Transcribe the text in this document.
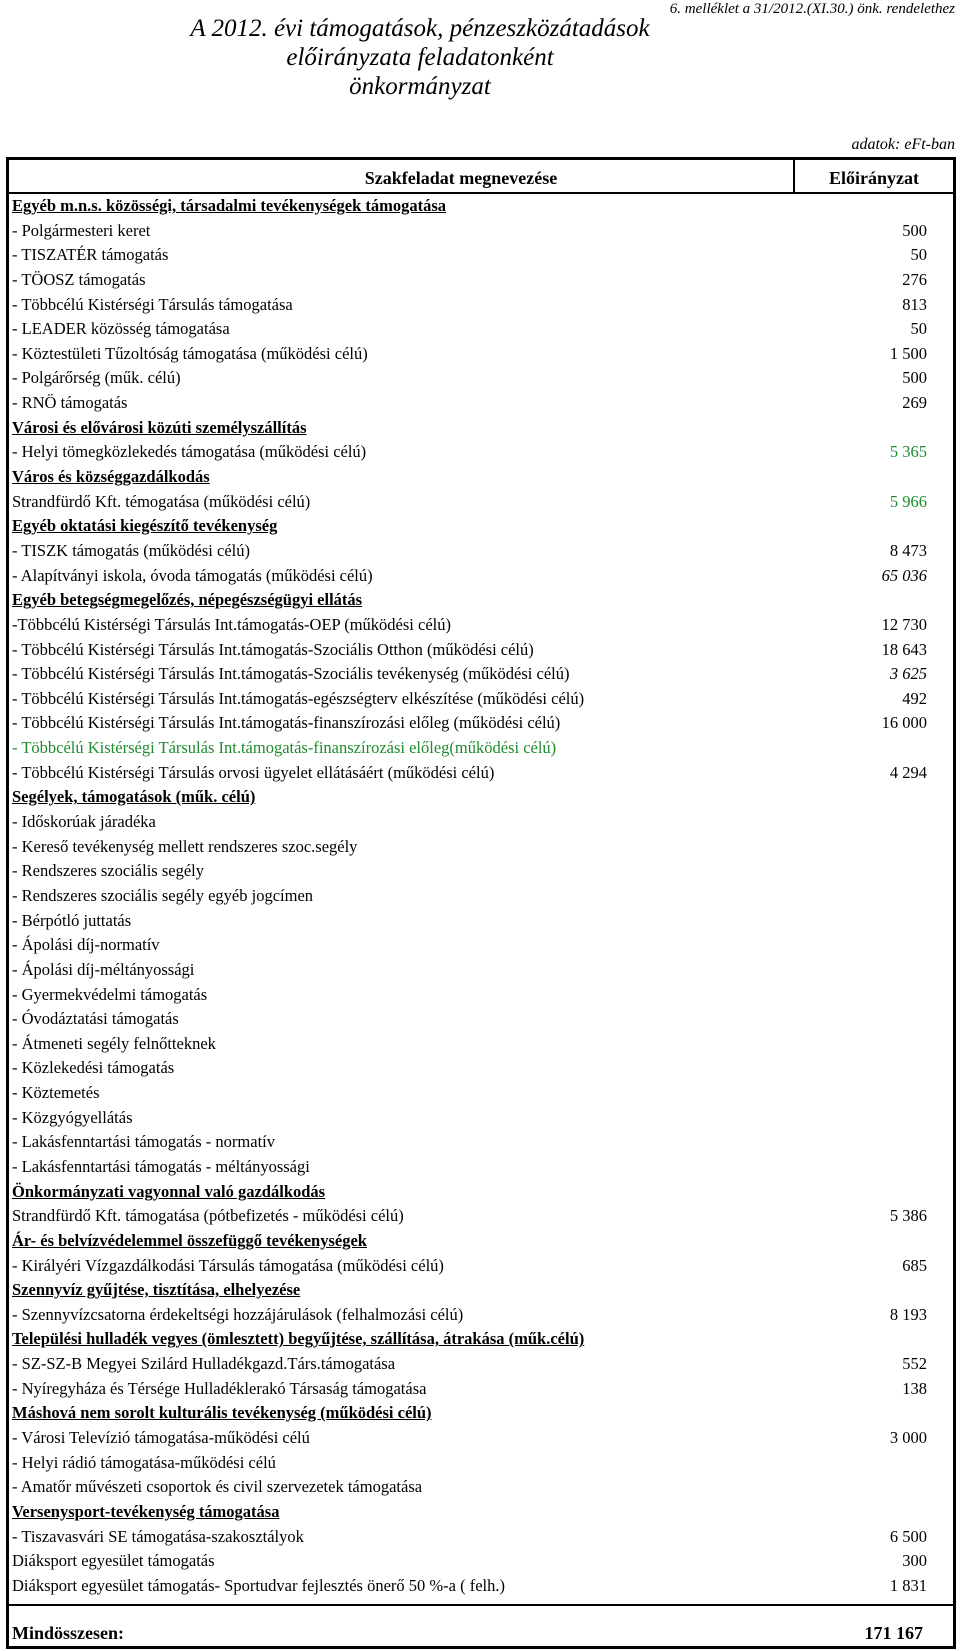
6. melléklet a 31/2012.(XI.30.) önk. rendelethez
A 2012. évi támogatások, pénzeszközátadások
előirányzata feladatonként
önkormányzat
adatok: eFt-ban
Szakfeladat megnevezése	Előirányzat
Egyéb m.n.s. közösségi, társadalmi tevékenységek támogatása
- Polgármesteri keret	500
- TISZATÉR támogatás	50
- TÖOSZ támogatás	276
- Többcélú Kistérségi Társulás támogatása	813
- LEADER közösség támogatása	50
- Köztestületi Tűzoltóság támogatása (működési célú)	1 500
- Polgárőrség (műk. célú)	500
- RNÖ támogatás	269
Városi és elővárosi közúti személyszállítás
- Helyi tömegközlekedés támogatása (működési célú)	5 365
Város és községgazdálkodás
Strandfürdő Kft. témogatása (működési célú)	5 966
Egyéb oktatási kiegészítő tevékenység
- TISZK támogatás (működési célú)	8 473
- Alapítványi iskola, óvoda támogatás (működési célú)	65 036
Egyéb betegségmegelőzés, népegészségügyi ellátás
-Többcélú Kistérségi Társulás Int.támogatás-OEP (működési célú)	12 730
- Többcélú Kistérségi Társulás Int.támogatás-Szociális Otthon (működési célú)	18 643
- Többcélú Kistérségi Társulás Int.támogatás-Szociális tevékenység (működési célú)	3 625
- Többcélú Kistérségi Társulás Int.támogatás-egészségterv elkészítése (működési célú)	492
- Többcélú Kistérségi Társulás Int.támogatás-finanszírozási előleg (működési célú)	16 000
- Többcélú Kistérségi Társulás Int.támogatás-finanszírozási előleg(működési célú)
- Többcélú Kistérségi Társulás orvosi ügyelet ellátásáért (működési célú)	4 294
Segélyek, támogatások (műk. célú)
- Időskorúak járadéka
- Kereső tevékenység mellett rendszeres szoc.segély
- Rendszeres szociális segély
- Rendszeres szociális segély egyéb jogcímen
- Bérpótló juttatás
- Ápolási díj-normatív
- Ápolási díj-méltányossági
- Gyermekvédelmi támogatás
- Óvodáztatási támogatás
- Átmeneti segély felnőtteknek
- Közlekedési támogatás
- Köztemetés
- Közgyógyellátás
- Lakásfenntartási támogatás - normatív
- Lakásfenntartási támogatás - méltányossági
Önkormányzati vagyonnal való gazdálkodás
Strandfürdő Kft. támogatása (pótbefizetés - működési célú)	5 386
Ár- és belvízvédelemmel összefüggő tevékenységek
- Királyéri Vízgazdálkodási Társulás támogatása (működési célú)	685
Szennyvíz gyűjtése, tisztítása, elhelyezése
- Szennyvízcsatorna érdekeltségi hozzájárulások (felhalmozási célú)	8 193
Települési hulladék vegyes (ömlesztett) begyűjtése, szállítása, átrakása (műk.célú)
- SZ-SZ-B Megyei Szilárd Hulladékgazd.Társ.támogatása	552
- Nyíregyháza és Térsége Hulladéklerakó Társaság támogatása	138
Máshová nem sorolt kulturális tevékenység (működési célú)
- Városi Televízió támogatása-működési célú	3 000
- Helyi rádió támogatása-működési célú
- Amatőr művészeti csoportok és civil szervezetek támogatása
Versenysport-tevékenység támogatása
- Tiszavasvári SE támogatása-szakosztályok	6 500
Diáksport egyesület támogatás	300
Diáksport egyesület támogatás- Sportudvar fejlesztés önerő 50 %-a ( felh.)	1 831
Mindösszesen:	171 167
